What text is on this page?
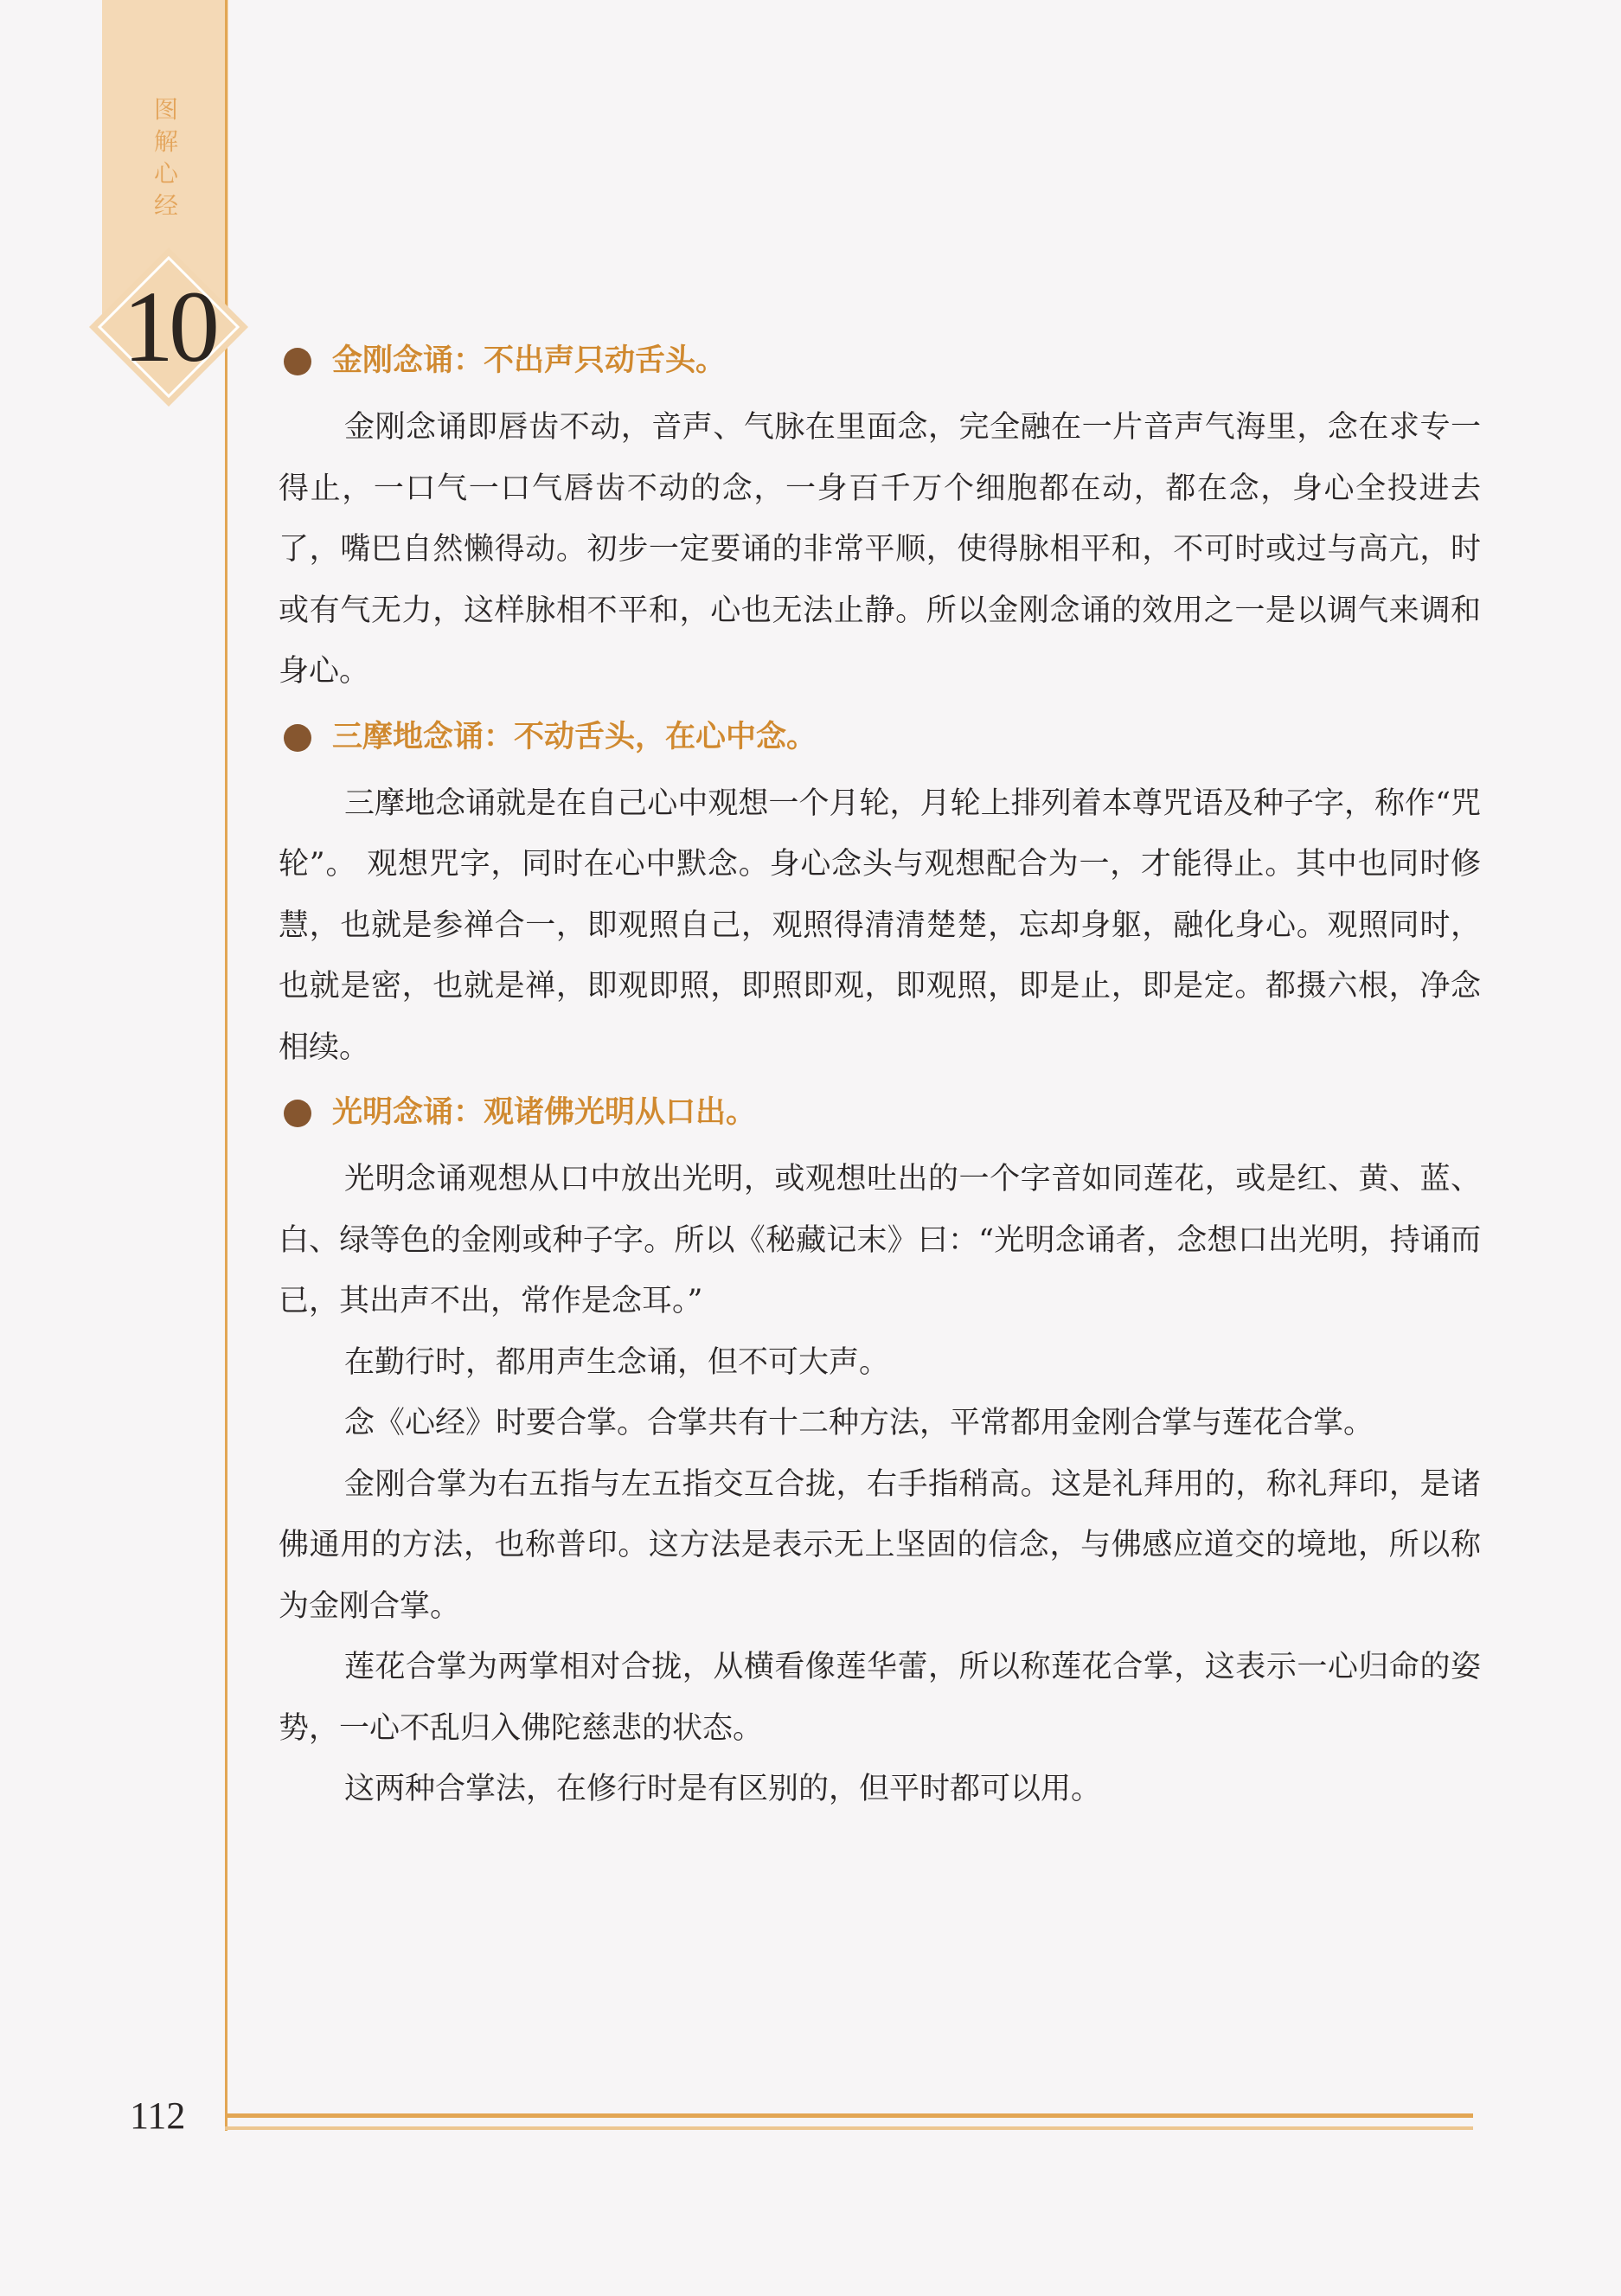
图解心经
10	金刚念诵：不出声只动舌头。

金刚念诵即唇齿不动，音声、气脉在里面念，完全融在一片音声气海里，念在求专一得止，一口气一口气唇齿不动的念，一身百千万个细胞都在动，都在念，身心全投进去了，嘴巴自然懒得动。初步一定要诵的非常平顺，使得脉相平和，不可时或过与高亢，时或有气无力，这样脉相不平和，心也无法止静。所以金刚念诵的效用之一是以调气来调和身心。

三摩地念诵：不动舌头，在心中念。

三摩地念诵就是在自己心中观想一个月轮，月轮上排列着本尊咒语及种子字，称作“咒轮”。 观想咒字，同时在心中默念。身心念头与观想配合为一，才能得止。其中也同时修慧，也就是参禅合一，即观照自己，观照得清清楚楚，忘却身躯，融化身心。观照同时，也就是密，也就是禅，即观即照，即照即观，即观照，即是止，即是定。都摄六根，净念相续。

光明念诵：观诸佛光明从口出。

光明念诵观想从口中放出光明，或观想吐出的一个字音如同莲花，或是红、黄、蓝、白、绿等色的金刚或种子字。所以《秘藏记末》曰：“光明念诵者，念想口出光明，持诵而已，其出声不出，常作是念耳。”

在勤行时，都用声生念诵，但不可大声。

念《心经》时要合掌。合掌共有十二种方法，平常都用金刚合掌与莲花合掌。

金刚合掌为右五指与左五指交互合拢，右手指稍高。这是礼拜用的，称礼拜印，是诸佛通用的方法，也称普印。这方法是表示无上坚固的信念，与佛感应道交的境地，所以称为金刚合掌。

莲花合掌为两掌相对合拢，从横看像莲华蕾，所以称莲花合掌，这表示一心归命的姿势，一心不乱归入佛陀慈悲的状态。

这两种合掌法，在修行时是有区别的，但平时都可以用。

112
